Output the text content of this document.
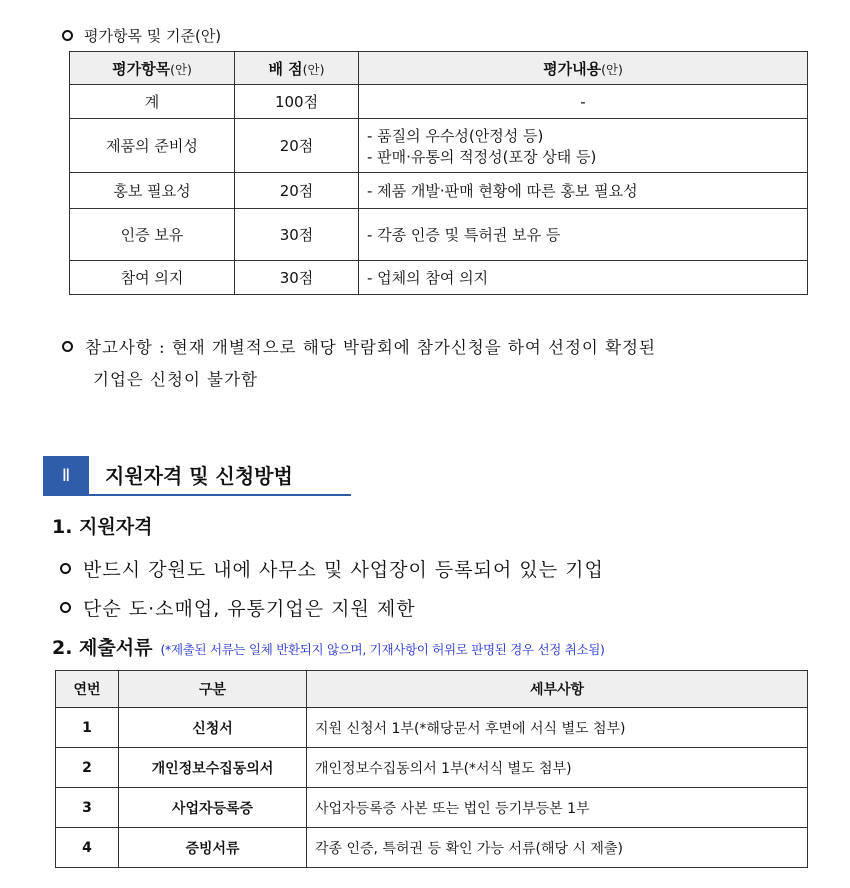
평가항목 및 기준(안)
평가항목(안)	배 점(안)	평가내용(안)
계	100점	-
제품의 준비성	20점	- 품질의 우수성(안정성 등)
- 판매·유통의 적정성(포장 상태 등)

홍보 필요성	20점	- 제품 개발·판매 현황에 따른 홍보 필요성
인증 보유	30점	- 각종 인증 및 특허권 보유 등
참여 의지	30점	- 업체의 참여 의지
참고사항 : 현재 개별적으로 해당 박람회에 참가신청을 하여 선정이 확정된
기업은 신청이 불가함
Ⅱ	지원자격 및 신청방법
1. 지원자격
반드시 강원도 내에 사무소 및 사업장이 등록되어 있는 기업
단순 도·소매업, 유통기업은 지원 제한
2. 제출서류 (*제출된 서류는 일체 반환되지 않으며, 기재사항이 허위로 판명된 경우 선정 취소됨)
연번	구분	세부사항
1	신청서	지원 신청서 1부(*해당문서 후면에 서식 별도 첨부)
2	개인정보수집동의서	개인정보수집동의서 1부(*서식 별도 첨부)
3	사업자등록증	사업자등록증 사본 또는 법인 등기부등본 1부
4	증빙서류	각종 인증, 특허권 등 확인 가능 서류(해당 시 제출)
